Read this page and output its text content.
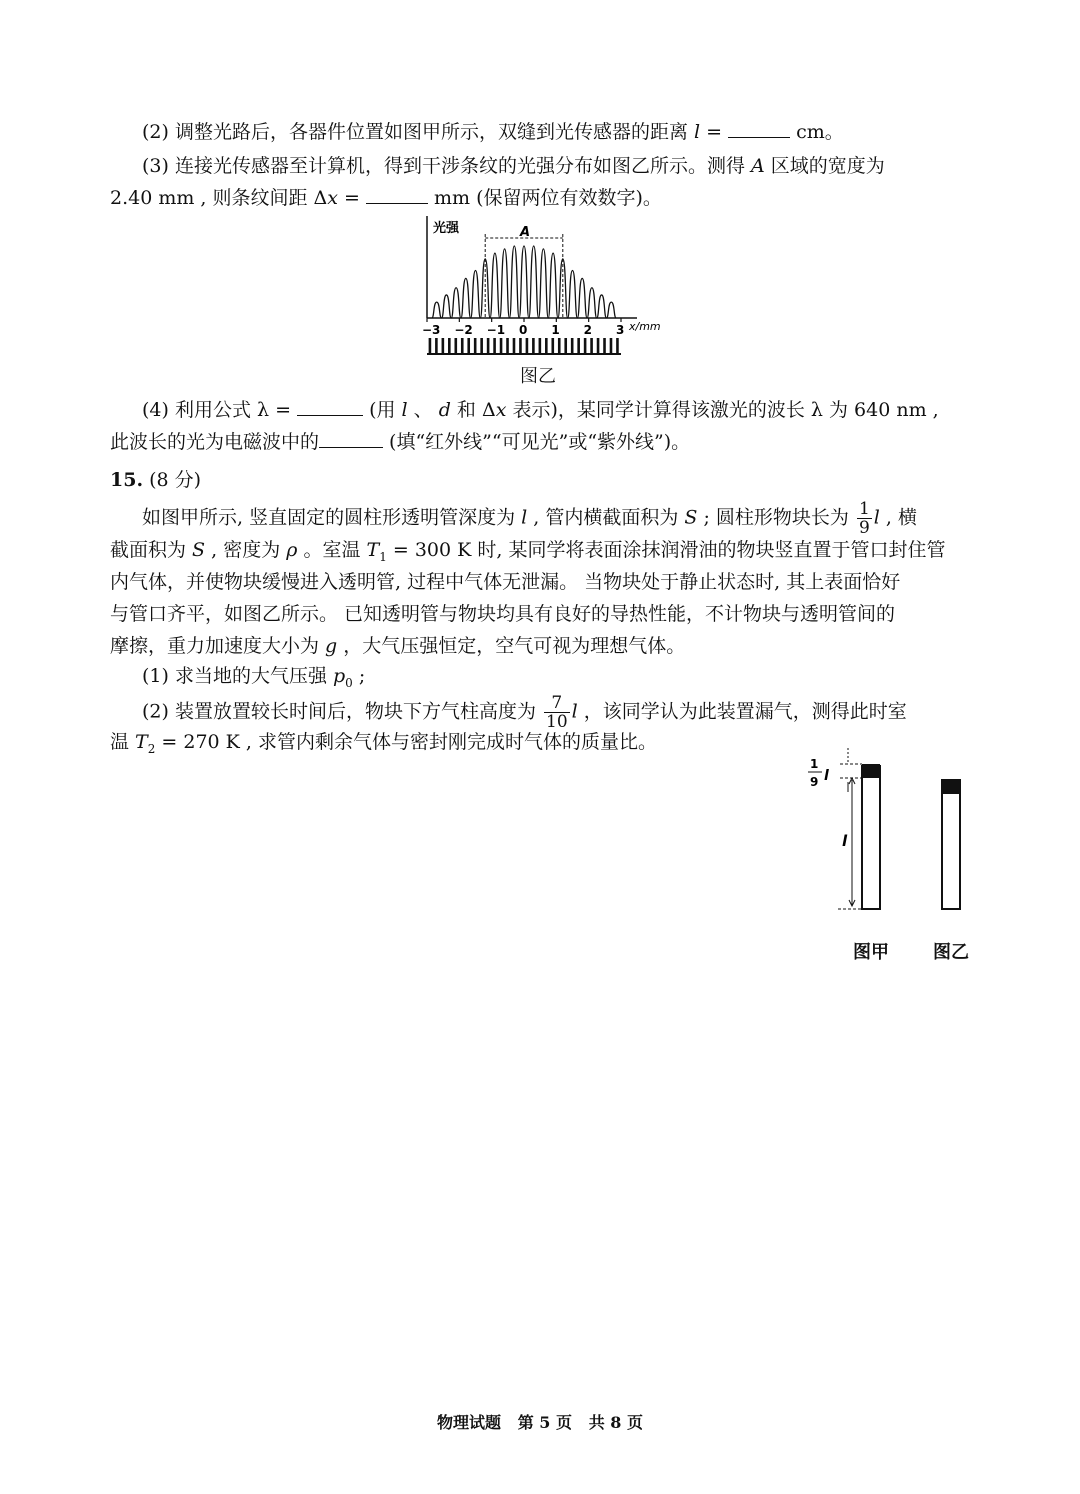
(2) 调整光路后，各器件位置如图甲所示，双缝到光传感器的距离 l =	cm。
(3) 连接光传感器至计算机，得到干涉条纹的光强分布如图乙所示。测得 A 区域的宽度为
2.40 mm , 则条纹间距 Δx =	mm (保留两位有效数字)。
光强	A
x/mm
−3 −2 −1 0 1 2 3
图乙
(4) 利用公式 λ =	(用 l 、 d 和 Δx 表示)，某同学计算得该激光的波长 λ 为 640 nm ,
此波长的光为电磁波中的	(填“红外线”“可见光”或“紫外线”)。
15. (8 分)
如图甲所示, 竖直固定的圆柱形透明管深度为 l , 管内横截面积为 S ; 圆柱形物块长为 $\frac{1}{9}$ l , 横
截面积为 S , 密度为 ρ 。室温 $T_1 = 300$ K 时, 某同学将表面涂抹润滑油的物块竖直置于管口封住管
内气体，并使物块缓慢进入透明管, 过程中气体无泄漏。 当物块处于静止状态时, 其上表面恰好
与管口齐平，如图乙所示。 已知透明管与物块均具有良好的导热性能，不计物块与透明管间的
摩擦，重力加速度大小为 g ，大气压强恒定，空气可视为理想气体。
(1) 求当地的大气压强 $p_0$ ;
(2) 装置放置较长时间后，物块下方气柱高度为 $\frac{7}{10}$ l ，该同学认为此装置漏气，测得此时室
温 $T_2 = 270$ K , 求管内剩余气体与密封刚完成时气体的质量比。
1
9 l
l
图甲 图乙
物理试题 第 5 页 共 8 页
